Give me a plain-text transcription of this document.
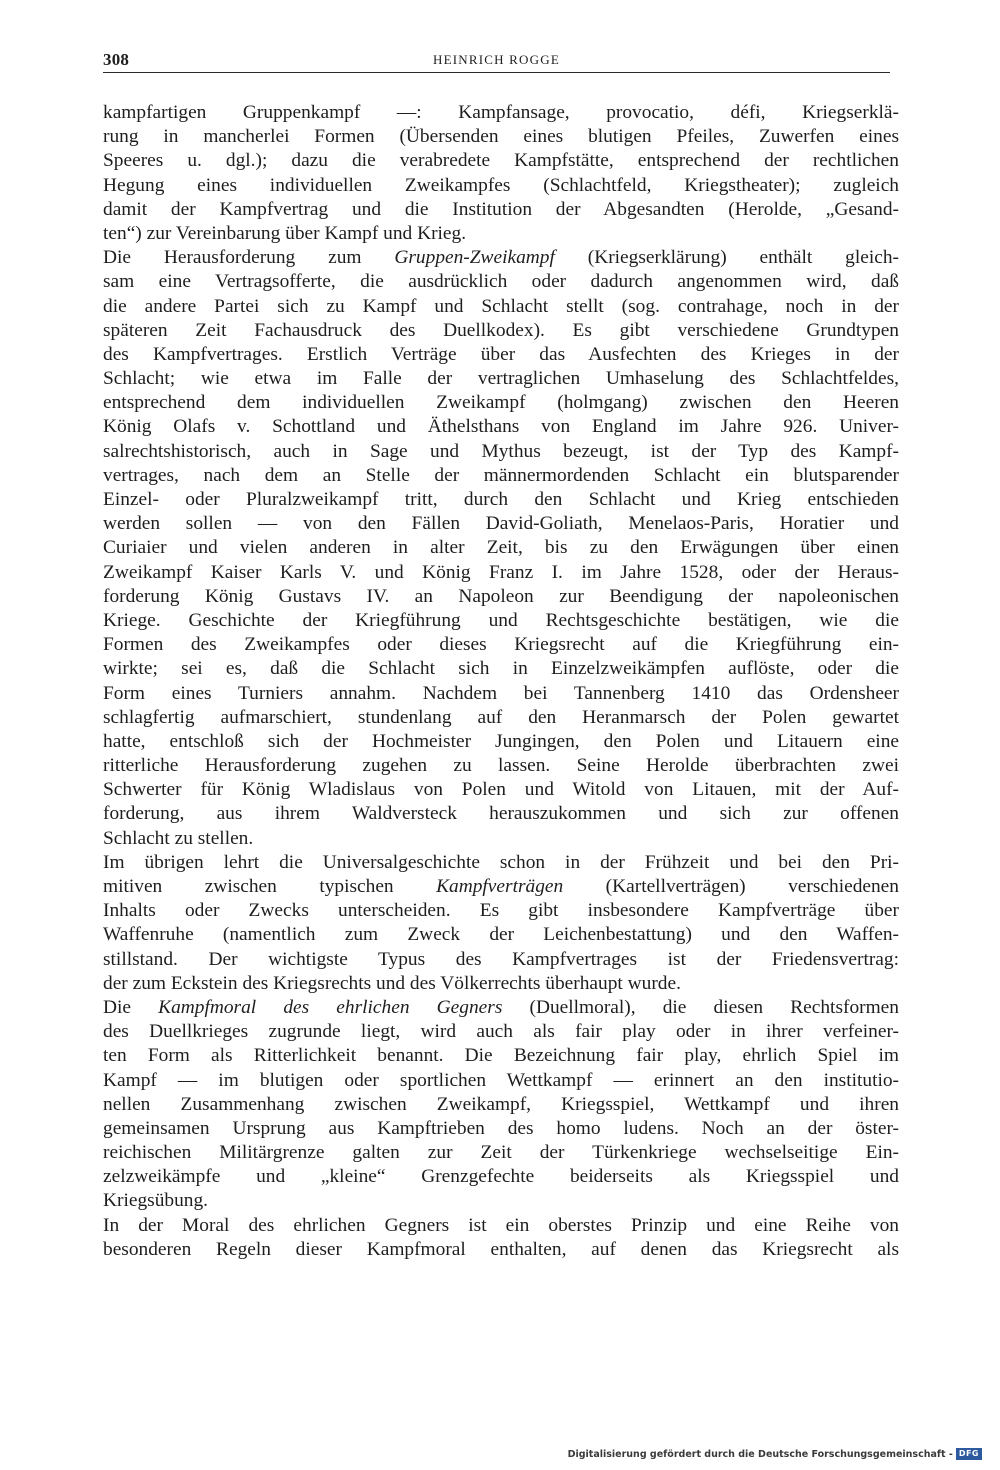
308	HEINRICH ROGGE
kampfartigen Gruppenkampf —: Kampfansage, provocatio, défi, Kriegserklä-
rung in mancherlei Formen (Übersenden eines blutigen Pfeiles, Zuwerfen eines
Speeres u. dgl.); dazu die verabredete Kampfstätte, entsprechend der rechtlichen
Hegung eines individuellen Zweikampfes (Schlachtfeld, Kriegstheater); zugleich
damit der Kampfvertrag und die Institution der Abgesandten (Herolde, „Gesand-
ten“) zur Vereinbarung über Kampf und Krieg.
Die Herausforderung zum Gruppen-Zweikampf (Kriegserklärung) enthält gleich-
sam eine Vertragsofferte, die ausdrücklich oder dadurch angenommen wird, daß
die andere Partei sich zu Kampf und Schlacht stellt (sog. contrahage, noch in der
späteren Zeit Fachausdruck des Duellkodex). Es gibt verschiedene Grundtypen
des Kampfvertrages. Erstlich Verträge über das Ausfechten des Krieges in der
Schlacht; wie etwa im Falle der vertraglichen Umhaselung des Schlachtfeldes,
entsprechend dem individuellen Zweikampf (holmgang) zwischen den Heeren
König Olafs v. Schottland und Äthelsthans von England im Jahre 926. Univer-
salrechtshistorisch, auch in Sage und Mythus bezeugt, ist der Typ des Kampf-
vertrages, nach dem an Stelle der männermordenden Schlacht ein blutsparender
Einzel- oder Pluralzweikampf tritt, durch den Schlacht und Krieg entschieden
werden sollen — von den Fällen David-Goliath, Menelaos-Paris, Horatier und
Curiaier und vielen anderen in alter Zeit, bis zu den Erwägungen über einen
Zweikampf Kaiser Karls V. und König Franz I. im Jahre 1528, oder der Heraus-
forderung König Gustavs IV. an Napoleon zur Beendigung der napoleonischen
Kriege. Geschichte der Kriegführung und Rechtsgeschichte bestätigen, wie die
Formen des Zweikampfes oder dieses Kriegsrecht auf die Kriegführung ein-
wirkte; sei es, daß die Schlacht sich in Einzelzweikämpfen auflöste, oder die
Form eines Turniers annahm. Nachdem bei Tannenberg 1410 das Ordensheer
schlagfertig aufmarschiert, stundenlang auf den Heranmarsch der Polen gewartet
hatte, entschloß sich der Hochmeister Jungingen, den Polen und Litauern eine
ritterliche Herausforderung zugehen zu lassen. Seine Herolde überbrachten zwei
Schwerter für König Wladislaus von Polen und Witold von Litauen, mit der Auf-
forderung, aus ihrem Waldversteck herauszukommen und sich zur offenen
Schlacht zu stellen.
Im übrigen lehrt die Universalgeschichte schon in der Frühzeit und bei den Pri-
mitiven zwischen typischen Kampfverträgen (Kartellverträgen) verschiedenen
Inhalts oder Zwecks unterscheiden. Es gibt insbesondere Kampfverträge über
Waffenruhe (namentlich zum Zweck der Leichenbestattung) und den Waffen-
stillstand. Der wichtigste Typus des Kampfvertrages ist der Friedensvertrag:
der zum Eckstein des Kriegsrechts und des Völkerrechts überhaupt wurde.
Die Kampfmoral des ehrlichen Gegners (Duellmoral), die diesen Rechtsformen
des Duellkrieges zugrunde liegt, wird auch als fair play oder in ihrer verfeiner-
ten Form als Ritterlichkeit benannt. Die Bezeichnung fair play, ehrlich Spiel im
Kampf — im blutigen oder sportlichen Wettkampf — erinnert an den institutio-
nellen Zusammenhang zwischen Zweikampf, Kriegsspiel, Wettkampf und ihren
gemeinsamen Ursprung aus Kampftrieben des homo ludens. Noch an der öster-
reichischen Militärgrenze galten zur Zeit der Türkenkriege wechselseitige Ein-
zelzweikämpfe und „kleine“ Grenzgefechte beiderseits als Kriegsspiel und
Kriegsübung.
In der Moral des ehrlichen Gegners ist ein oberstes Prinzip und eine Reihe von
besonderen Regeln dieser Kampfmoral enthalten, auf denen das Kriegsrecht als
Digitalisierung gefördert durch die Deutsche Forschungsgemeinschaft - DFG
